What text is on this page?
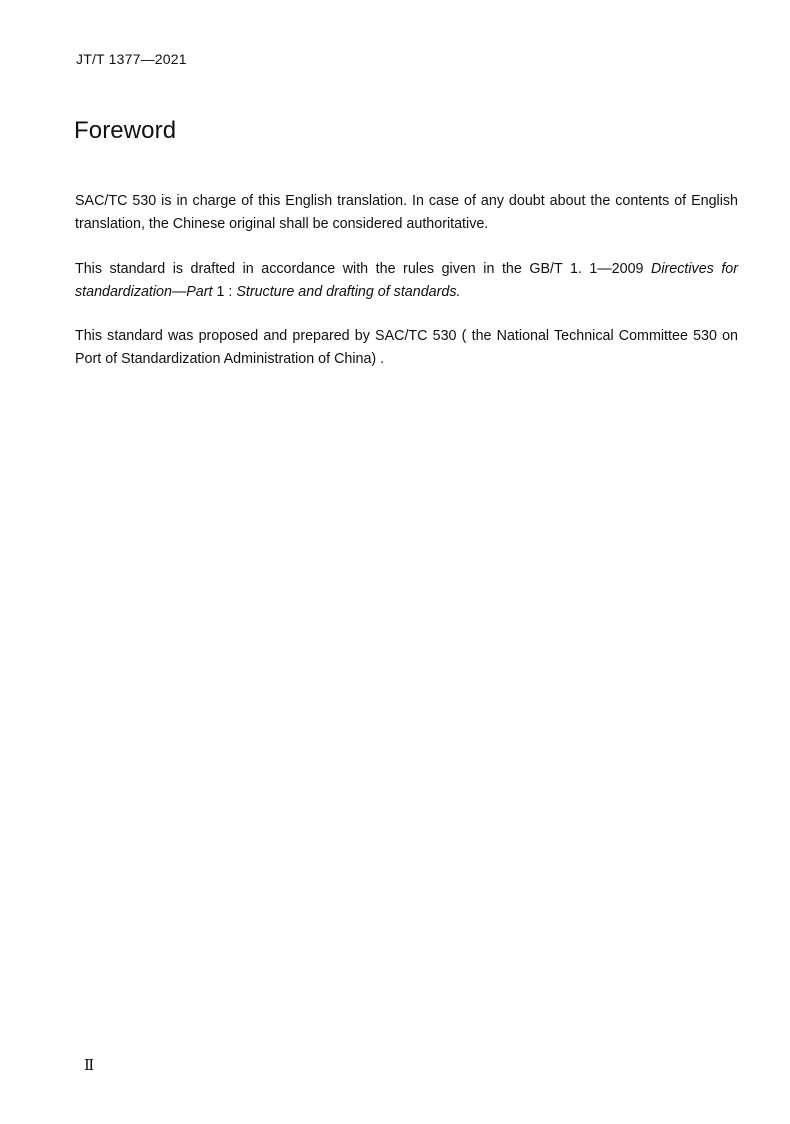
JT/T 1377—2021
Foreword

SAC/TC 530 is in charge of this English translation. In case of any doubt about the contents of English translation, the Chinese original shall be considered authoritative.

This standard is drafted in accordance with the rules given in the GB/T 1. 1—2009 Directives for standardization—Part 1 : Structure and drafting of standards.

This standard was proposed and prepared by SAC/TC 530 ( the National Technical Committee 530 on Port of Standardization Administration of China) .

Ⅱ
